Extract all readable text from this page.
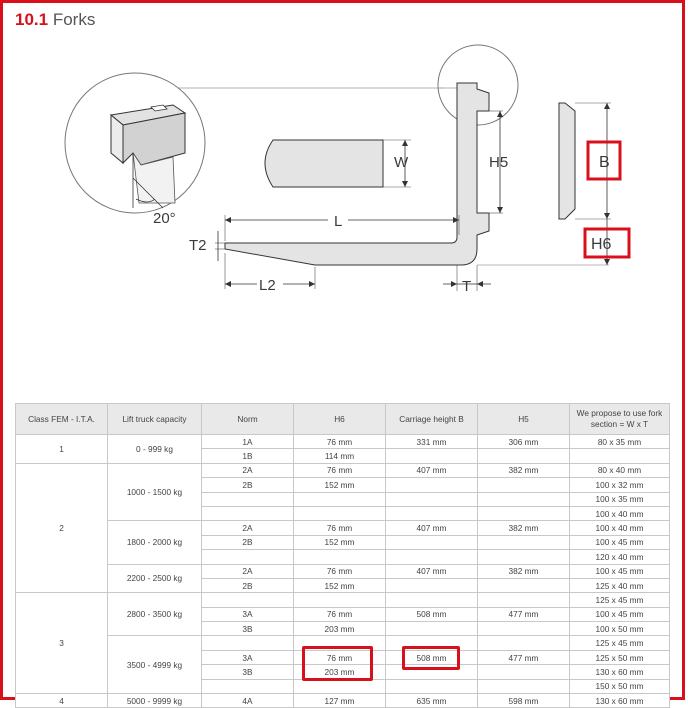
10.1 Forks
20°
W	H5
L
T2
L2	T
B
H6
Class FEM - I.T.A.	Lift truck capacity	Norm	H6	Carriage height B	H5	We propose to use fork section = W x T
1	0 - 999 kg	1A	76 mm	331 mm	306 mm	80 x 35 mm
		1B	114 mm			
2	1000 - 1500 kg	2A	76 mm	407 mm	382 mm	80 x 40 mm
		2B	152 mm			100 x 32 mm
						100 x 35 mm
						100 x 40 mm
	1800 - 2000 kg	2A	76 mm	407 mm	382 mm	100 x 40 mm
		2B	152 mm			100 x 45 mm
						120 x 40 mm
	2200 - 2500 kg	2A	76 mm	407 mm	382 mm	100 x 45 mm
		2B	152 mm			125 x 40 mm
3	2800 - 3500 kg					125 x 45 mm
		3A	76 mm	508 mm	477 mm	100 x 45 mm
		3B	203 mm			100 x 50 mm
	3500 - 4999 kg					125 x 45 mm
		3A	76 mm	508 mm	477 mm	125 x 50 mm
		3B	203 mm			130 x 60 mm
						150 x 50 mm
4	5000 - 9999 kg	4A	127 mm	635 mm	598 mm	130 x 60 mm
